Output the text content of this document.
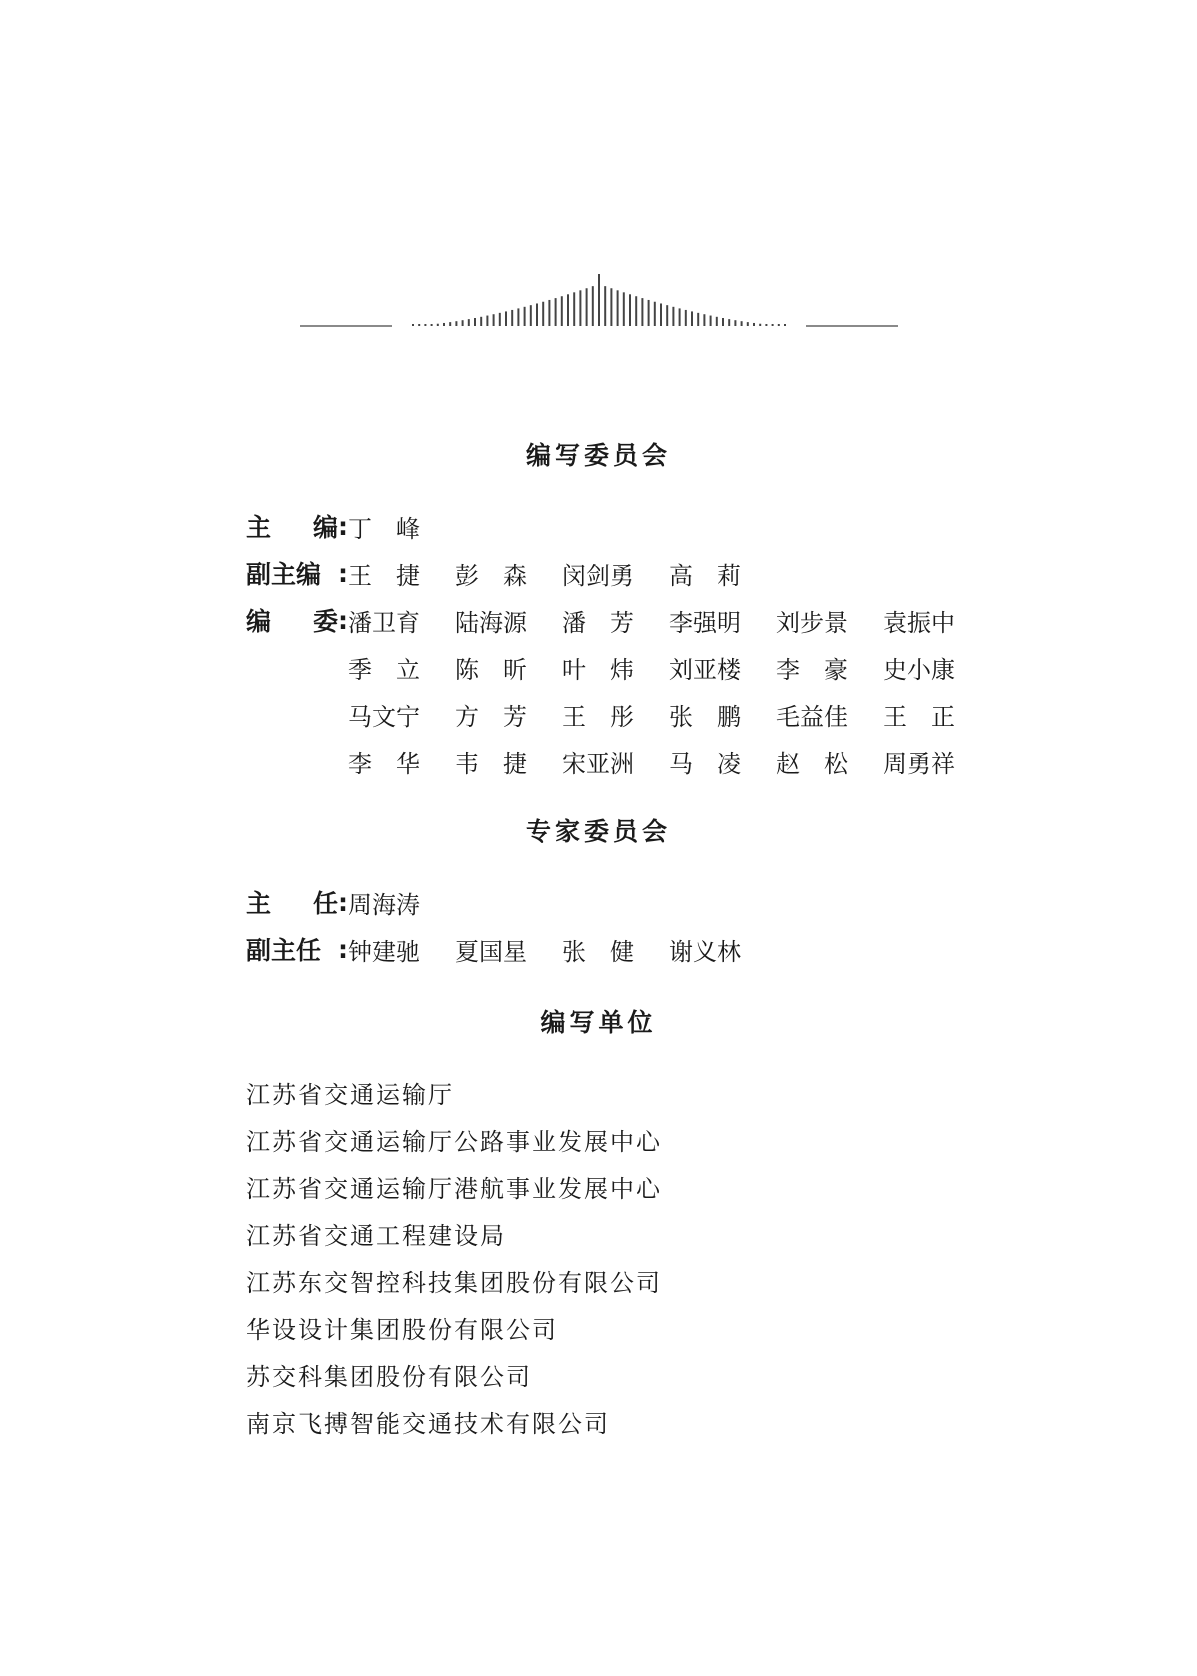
编写委员会
主 编 : 丁　峰
副主编 : 王　捷	彭　森	闵剑勇	高　莉
编 委 : 潘卫育	陆海源	潘　芳	李强明	刘步景	袁振中
季　立	陈　昕	叶　炜	刘亚楼	李　豪	史小康
马文宁	方　芳	王　彤	张　鹏	毛益佳	王　正
李　华	韦　捷	宋亚洲	马　凌	赵　松	周勇祥
专家委员会
主 任 : 周海涛
副主任 : 钟建驰	夏国星	张　健	谢义林
编写单位
江苏省交通运输厅
江苏省交通运输厅公路事业发展中心
江苏省交通运输厅港航事业发展中心
江苏省交通工程建设局
江苏东交智控科技集团股份有限公司
华设设计集团股份有限公司
苏交科集团股份有限公司
南京飞搏智能交通技术有限公司
